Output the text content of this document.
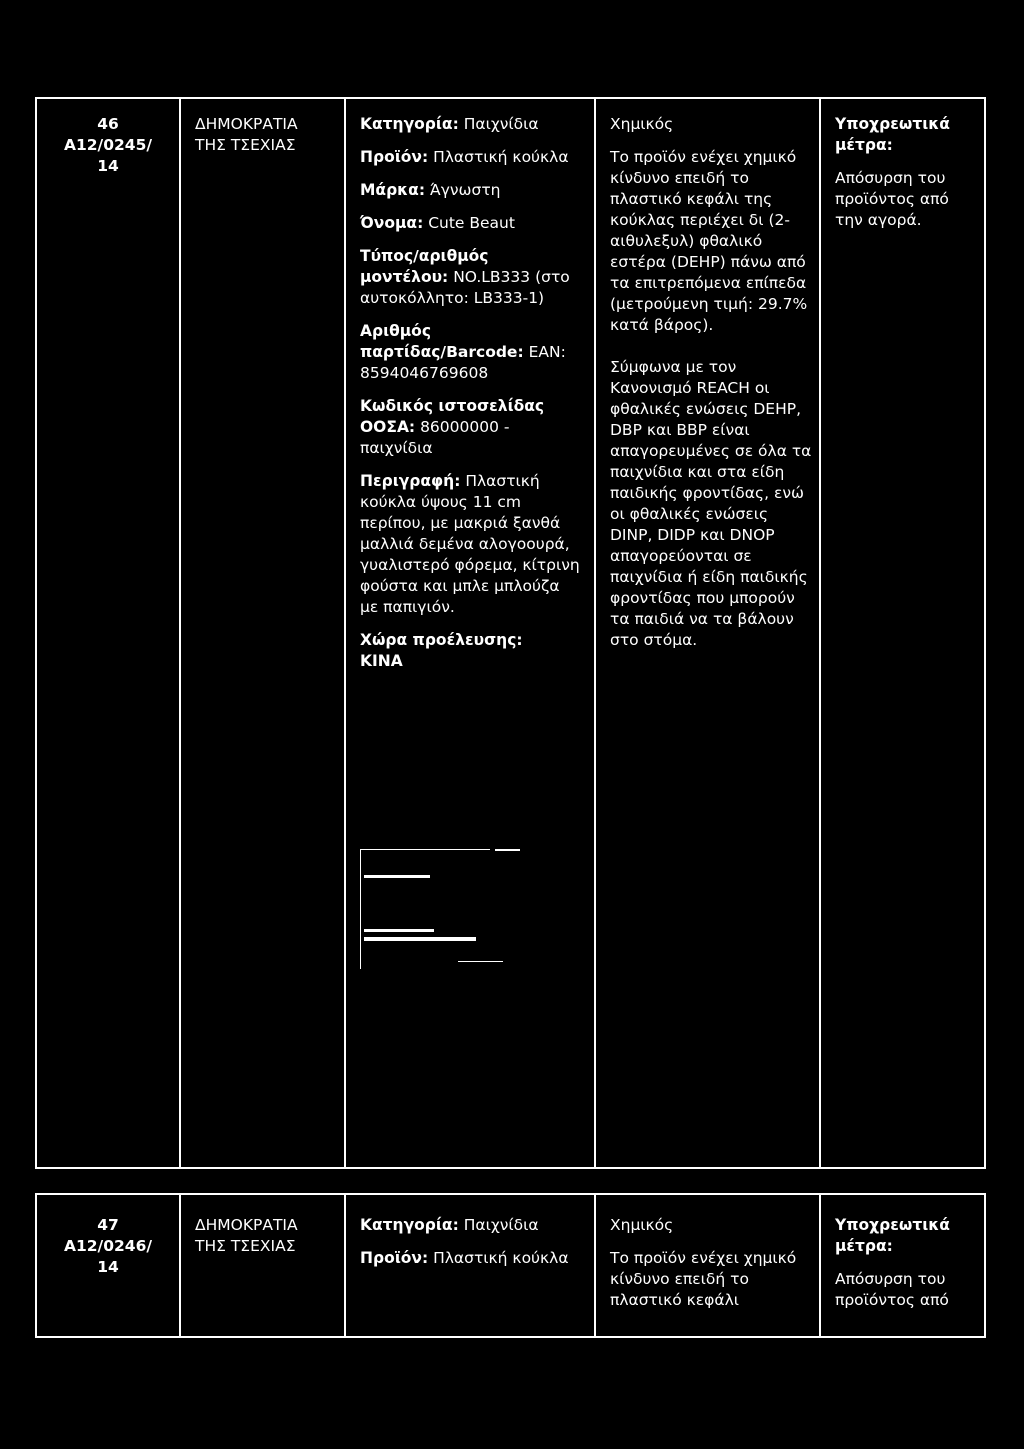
46
A12/0245/
14
ΔΗΜΟΚΡΑΤΙΑ ΤΗΣ ΤΣΕΧΙΑΣ

Κατηγορία: Παιχνίδια

Προϊόν: Πλαστική κούκλα

Μάρκα: Άγνωστη

Όνομα: Cute Beaut

Τύπος/αριθμός μοντέλου: NO.LB333 (στο αυτοκόλλητο: LB333-1)

Αριθμός παρτίδας/Barcode: EAN: 8594046769608

Κωδικός ιστοσελίδας ΟΟΣΑ: 86000000 - παιχνίδια

Περιγραφή: Πλαστική κούκλα ύψους 11 cm περίπου, με μακριά ξανθά μαλλιά δεμένα αλογοουρά, γυαλιστερό φόρεμα, κίτρινη φούστα και μπλε μπλούζα με παπιγιόν.

Χώρα προέλευσης:
ΚΙΝΑ

Χημικός

Το προϊόν ενέχει χημικό κίνδυνο επειδή το πλαστικό κεφάλι της κούκλας περιέχει δι (2-αιθυλεξυλ) φθαλικό εστέρα (DEHP) πάνω από τα επιτρεπόμενα επίπεδα (μετρούμενη τιμή: 29.7% κατά βάρος).

Σύμφωνα με τον Κανονισμό REACH οι φθαλικές ενώσεις DEHP, DBP και BBP είναι απαγορευμένες σε όλα τα παιχνίδια και στα είδη παιδικής φροντίδας, ενώ οι φθαλικές ενώσεις DINP, DIDP και DNOP απαγορεύονται σε παιχνίδια ή είδη παιδικής φροντίδας που μπορούν τα παιδιά να τα βάλουν στο στόμα.

Υποχρεωτικά μέτρα:

Απόσυρση του προϊόντος από την αγορά.

47
A12/0246/
14
ΔΗΜΟΚΡΑΤΙΑ ΤΗΣ ΤΣΕΧΙΑΣ

Κατηγορία: Παιχνίδια

Προϊόν: Πλαστική κούκλα

Χημικός

Το προϊόν ενέχει χημικό κίνδυνο επειδή το πλαστικό κεφάλι

Υποχρεωτικά μέτρα:

Απόσυρση του προϊόντος από
